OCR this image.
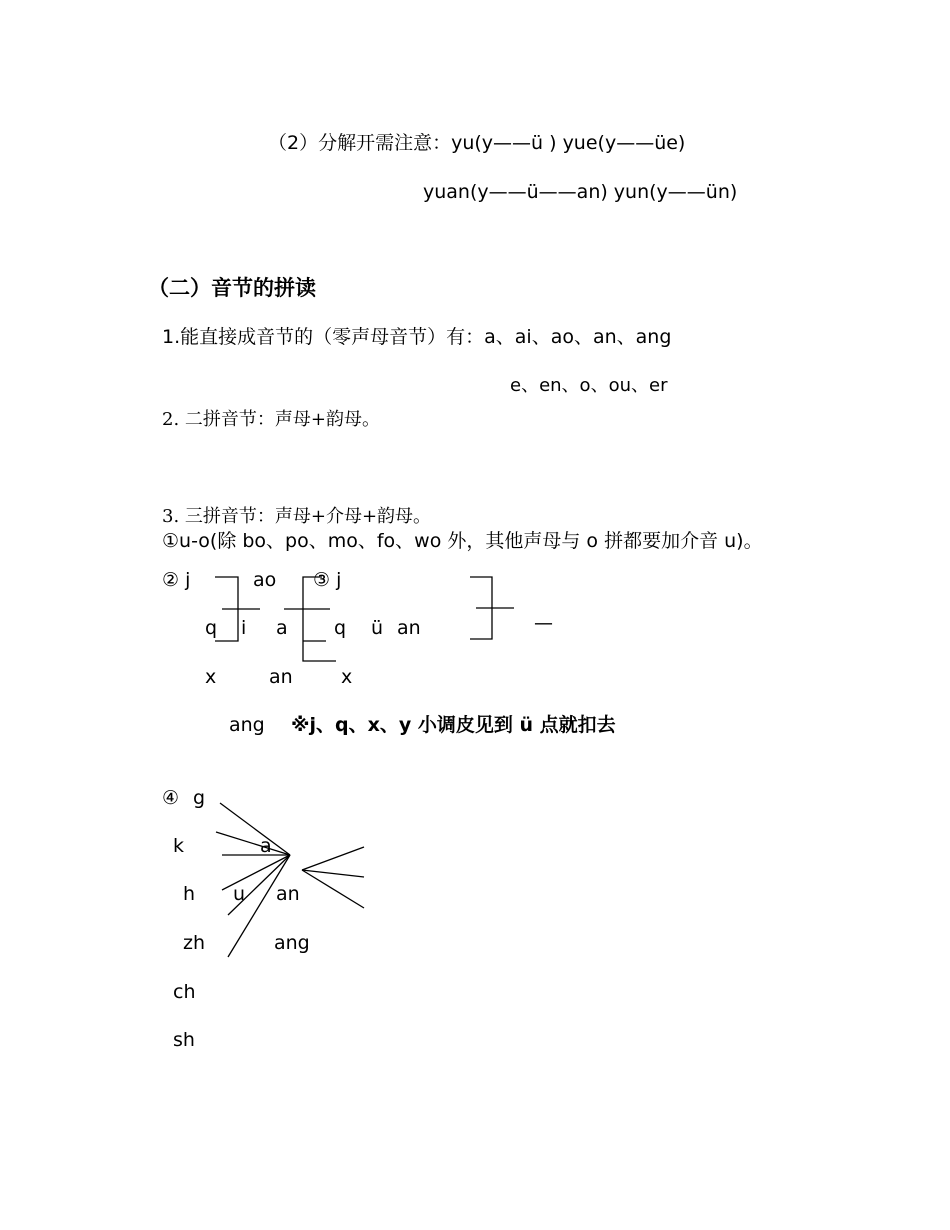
（2）分解开需注意：yu(y——ü ) yue(y——üe)
yuan(y——ü——an) yun(y——ün)
（二）音节的拼读
1.能直接成音节的（零声母音节）有：a、ai、ao、an、ang
e、en、o、ou、er
2. 二拼音节：声母+韵母。
3. 三拼音节：声母+介母+韵母。
①u-o(除 bo、po、mo、fo、wo 外，其他声母与 o 拼都要加介音 u)。
② j	ao
q i a
x	an
ang
③ j
q ü an
x
—
※j、q、x、y 小调皮见到 ü 点就扣去
④ g
k	a
h u an
zh	ang
ch
sh
